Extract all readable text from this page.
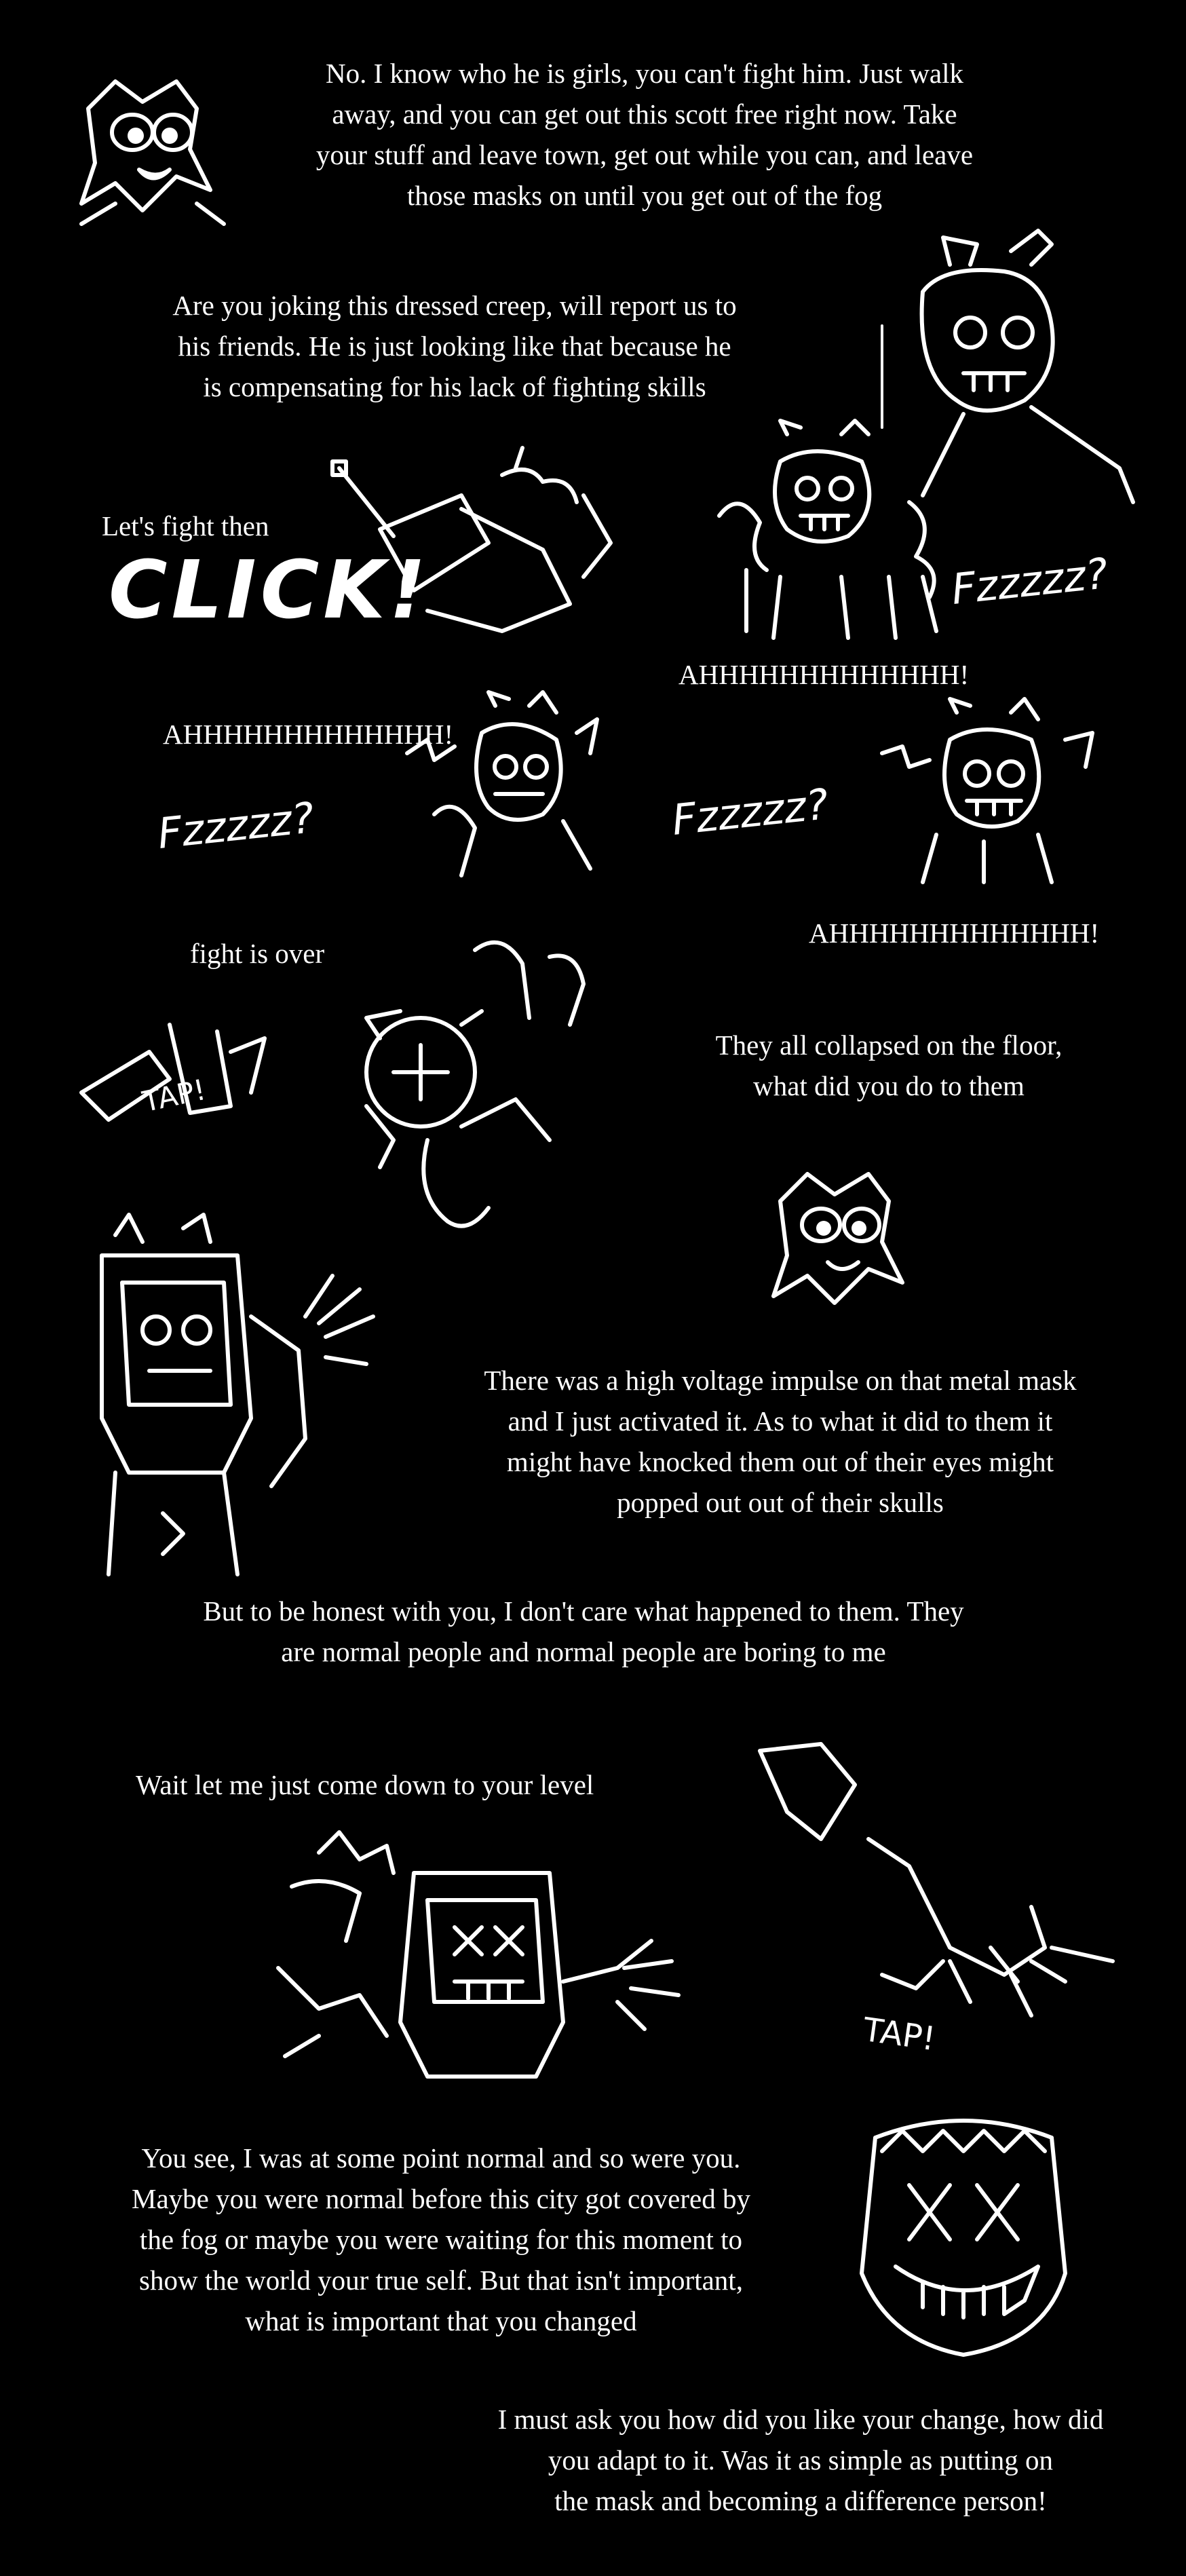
No. I know who he is girls, you can't fight him. Just walk
away, and you can get out this scott free right now. Take
your stuff and leave town, get out while you can, and leave
those masks on until you get out of the fog
Are you joking this dressed creep, will report us to
his friends. He is just looking like that because he
is compensating for his lack of fighting skills
Let's fight then
AHHHHHHHHHHHHH!
AHHHHHHHHHHHHH!
AHHHHHHHHHHHHH!
fight is over
They all collapsed on the floor,
what did you do to them
There was a high voltage impulse on that metal mask
and I just activated it. As to what it did to them it
might have knocked them out of their eyes might
popped out out of their skulls
But to be honest with you, I don't care what happened to them. They
are normal people and normal people are boring to me
Wait let me just come down to your level
You see, I was at some point normal and so were you.
Maybe you were normal before this city got covered by
the fog or maybe you were waiting for this moment to
show the world your true self. But that isn't important,
what is important that you changed
I must ask you how did you like your change, how did
you adapt to it. Was it as simple as putting on
the mask and becoming a difference person!
CLICK!	Fzzzzz?
Fzzzzz?	Fzzzzz?
TAP!
TAP!
